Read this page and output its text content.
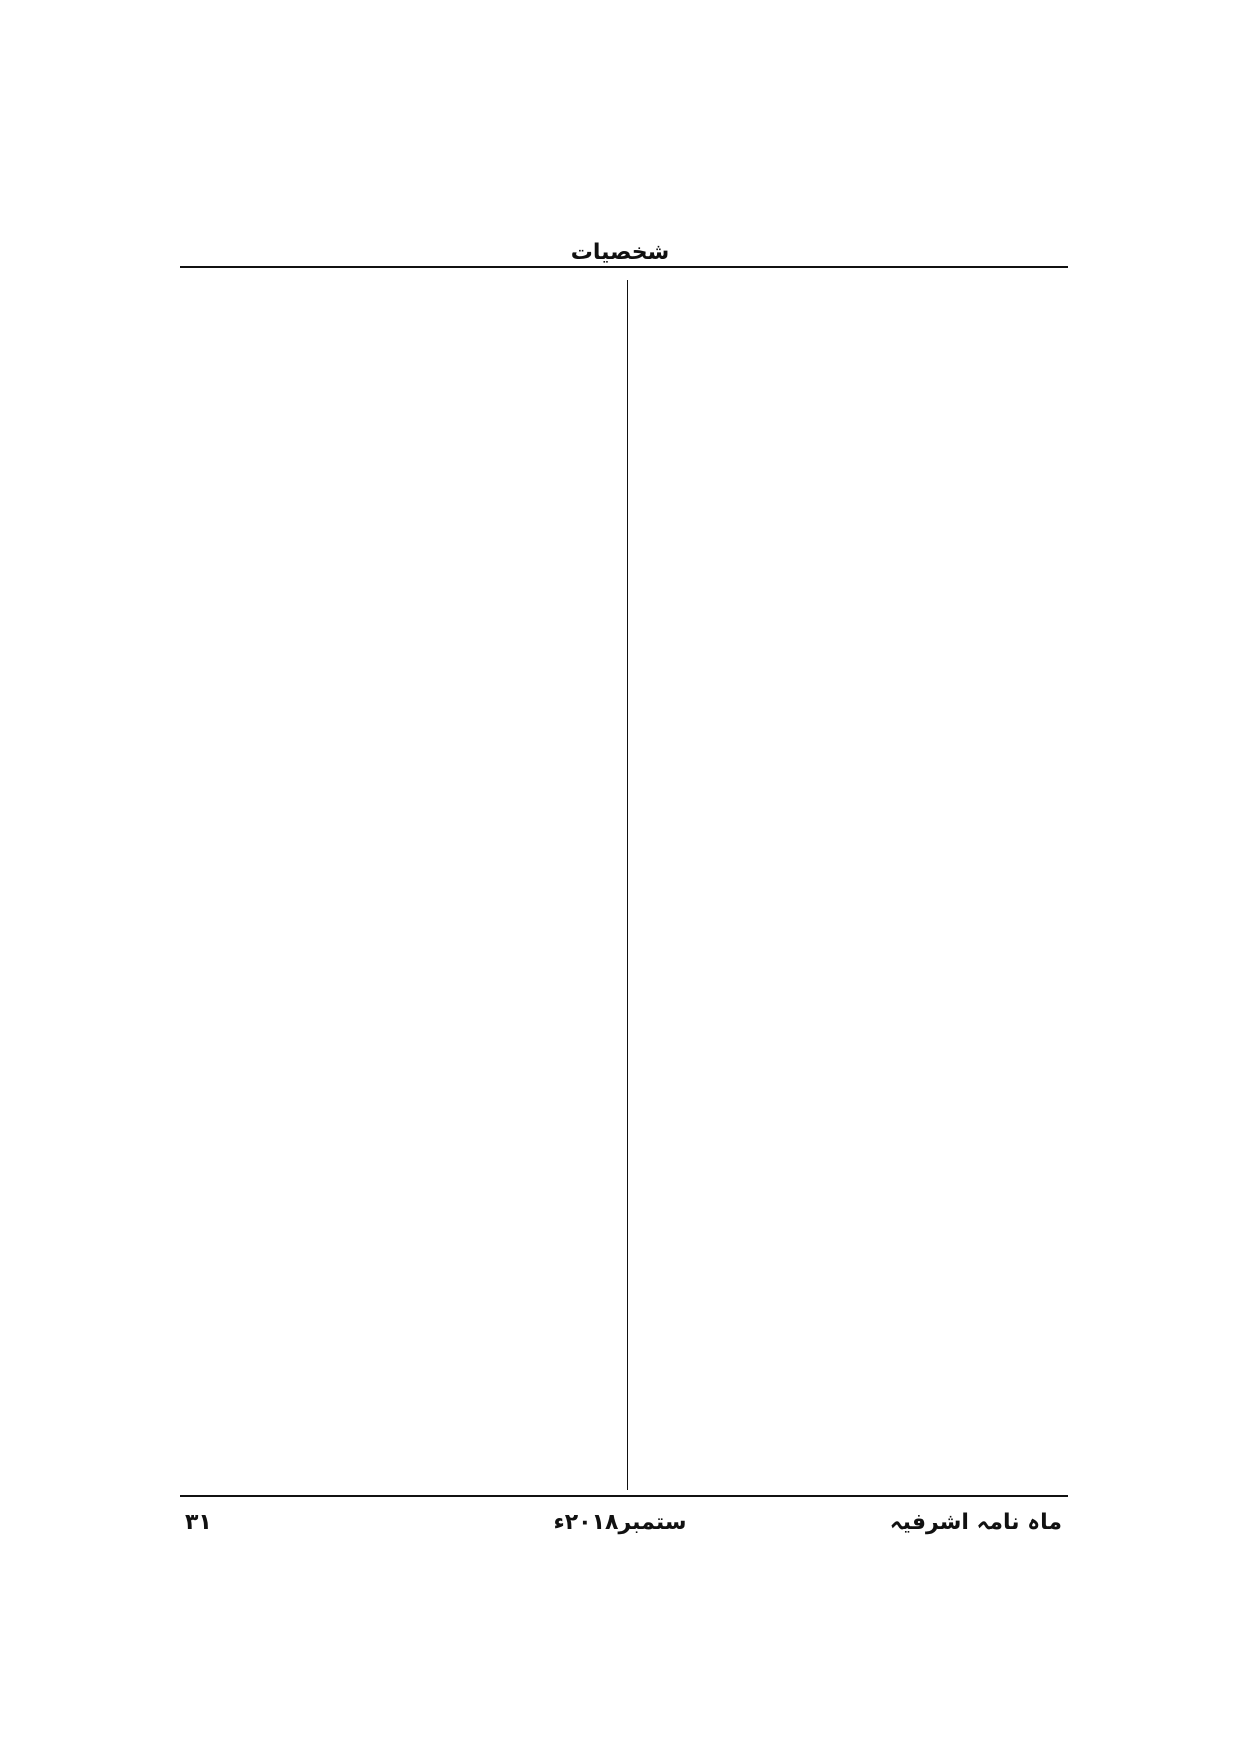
شخصیات
ماہ نامہ اشرفیہ
ستمبر۲۰۱۸ء
۳۱
